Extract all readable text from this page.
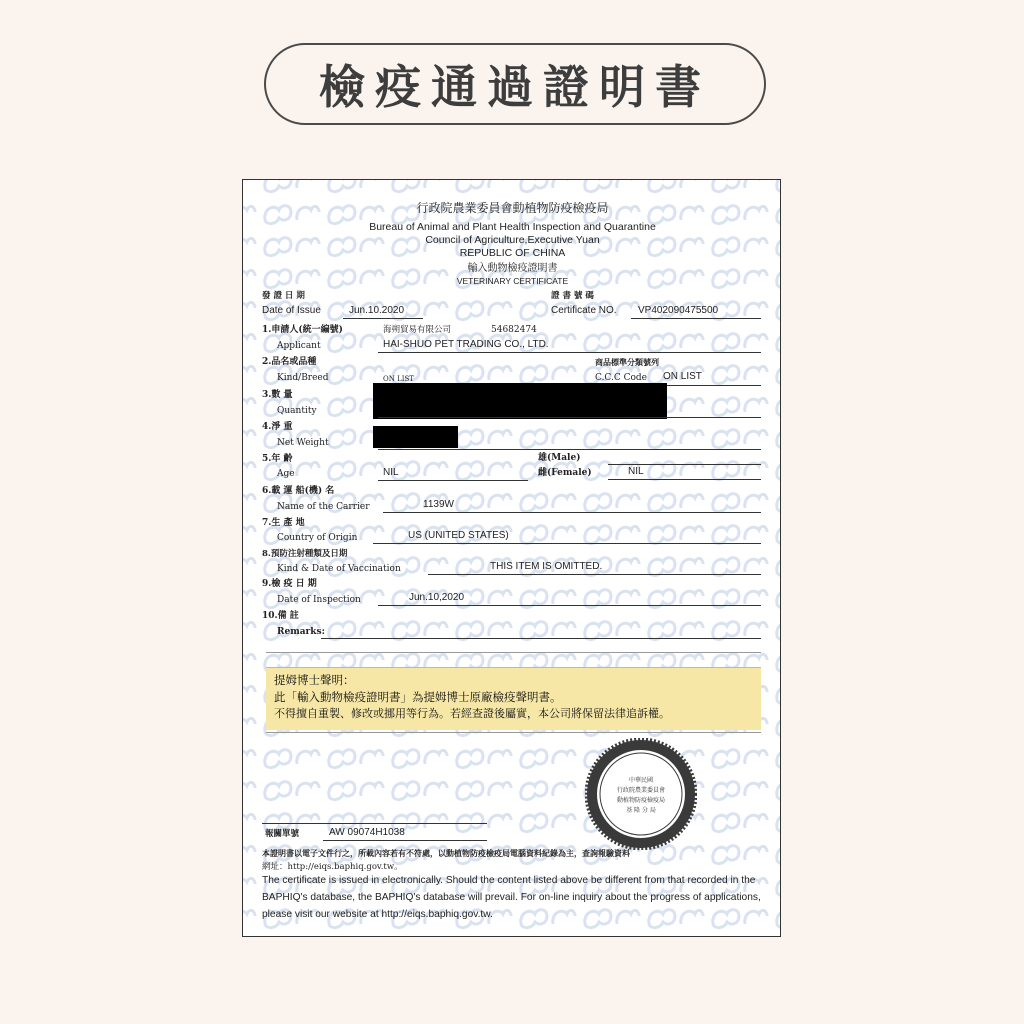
檢疫通過證明書
行政院農業委員會動植物防疫檢疫局
Bureau of Animal and Plant Health Inspection and Quarantine
Council of Agriculture,Executive Yuan
REPUBLIC OF CHINA
輸入動物檢疫證明書
VETERINARY CERTIFICATE
發 證 日 期
Date of Issue	Jun.10.2020
證 書 號 碼
Certificate NO. VP402090475500
1.申請人(統一編號)
Applicant
海朔貿易有限公司	54682474
HAI-SHUO PET TRADING CO., LTD.
2.品名或品種
Kind/Breed	ON LIST
商品標準分類號列
C.C.C Code ON LIST
3.數 量
Quantity
4.淨 重
Net Weight
5.年 齡
Age	NIL
雄(Male)
雌(Female)	NIL
6.載 運 船(機) 名
Name of the Carrier	1139W
7.生 產 地
Country of Origin	US (UNITED STATES)
8.預防注射種類及日期
Kind & Date of Vaccination	THIS ITEM IS OMITTED.
9.檢 疫 日 期
Date of Inspection	Jun.10,2020
10.備 註
Remarks:
提姆博士聲明：
此「輸入動物檢疫證明書」為提姆博士原廠檢疫聲明書。
不得擅自重製、修改或挪用等行為。若經查證後屬實，本公司將保留法律追訴權。
中華民國
行政院農業委員會
動植物防疫檢疫局
基 隆 分 局
報關單號	AW 09074H1038
本證明書以電子文件行之，所載內容若有不符處，以動植物防疫檢疫局電腦資料紀錄為主，查詢報驗資料
網址：http://eiqs.baphiq.gov.tw。
The certificate is issued in electronically. Should the content listed above be different from that recorded in the BAPHIQ's database, the BAPHIQ's database will prevail. For on-line inquiry about the progress of applications, please visit our website at http://eiqs.baphiq.gov.tw.
